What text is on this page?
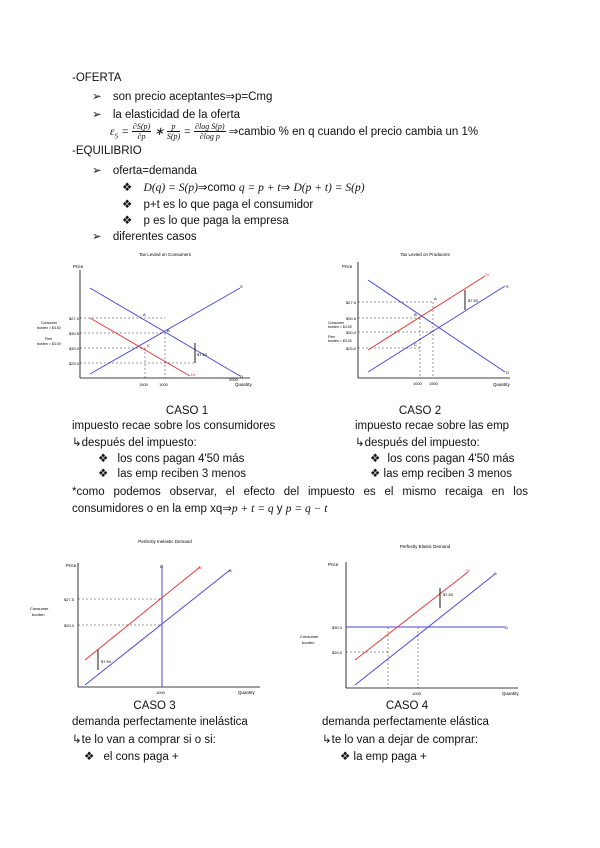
-OFERTA
➢ son precio aceptantes⇒p=Cmg
➢ la elasticidad de la oferta
$\varepsilon_S = \frac{\partial S(p)}{\partial p}$ ∗ $\frac{p}{S(p)} = \frac{\text{∂log S(p)}}{\text{∂log p}}$ ⇒cambio % en q cuando el precio cambia un 1%
-EQUILIBRIO
➢ oferta=demanda
❖ D(q) = S(p)⇒como q = p + t⇒ D(p + t) = S(p)
❖ p+t es lo que paga el consumidor
❖ p es lo que paga la empresa
➢ diferentes casos
Tax Levied on Consumers
Price
Quantity
$27.0
$30.5
$30.0
$25.0
Consumer
burden = $4.50
Firm
burden = $3.00
1500	1000
2000
$7.50
S
D
Dt
A
B
C
Tax Levied on Producers
Price
Quantity
$27.0
$30.5
$30.0
$25.0
Consumer
burden = $4.50
Firm
burden = $3.00
1000 1500
$7.50
S
St
D
A
B
C
CASO 1
impuesto recae sobre los consumidores
↳después del impuesto:
❖ los cons pagan 4'50 más
❖ las emp reciben 3 menos
CASO 2
impuesto recae sobre las emp
↳después del impuesto:
❖ los cons pagan 4'50 más
❖ las emp reciben 3 menos
*como podemos observar, el efecto del impuesto es el mismo recaiga en los consumidores o en la emp xq⇒p + t = q y p = q − t
Perfectly Inelastic Demand
Price
Quantity
$27.5
$20.0
Consumer
burden
1000
$7.50
D	St
S
Perfectly Elastic Demand
Price
Quantity
$30.0
$20.0
Consumer
burden
1000
$7.50
St
S
D
CASO 3
demanda perfectamente inelástica
↳te lo van a comprar si o si:
❖ el cons paga +
CASO 4
demanda perfectamente elástica
↳te lo van a dejar de comprar:
❖ la emp paga +
